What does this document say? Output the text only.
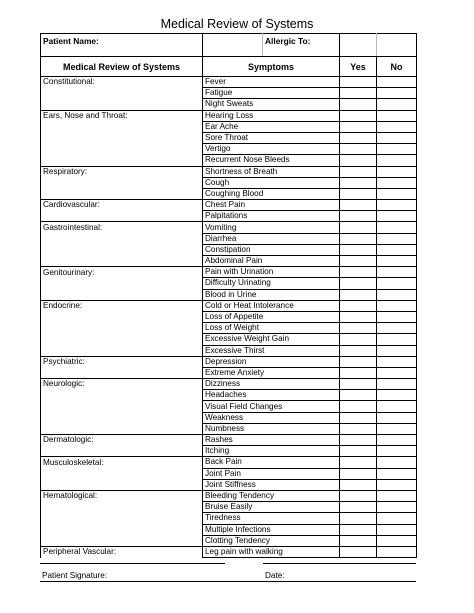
Medical Review of Systems
Patient Name:		Allergic To:		
Medical Review of Systems	Symptoms		Yes	No
Constitutional:	Fever			
	Fatigue			
	Night Sweats			
Ears, Nose and Throat:	Hearing Loss			
	Ear Ache			
	Sore Throat			
	Vertigo			
	Recurrent Nose Bleeds			
Respiratory:	Shortness of Breath			
	Cough			
	Coughing Blood			
Cardiovascular:	Chest Pain			
	Palpitations			
Gastrointestinal:	Vomiting			
	Diarrhea			
	Constipation			
	Abdominal Pain			
Genitourinary:	Pain with Urination			
	Difficulty Urinating			
	Blood in Urine			
Endocrine:	Cold or Heat Intolerance			
	Loss of Appetite			
	Loss of Weight			
	Excessive Weight Gain			
	Excessive Thirst			
Psychiatric:	Depression			
	Extreme Anxiety			
Neurologic:	Dizziness			
	Headaches			
	Visual Field Changes			
	Weakness			
	Numbness			
Dermatologic:	Rashes			
	Itching			
Musculoskeletal:	Back Pain			
	Joint Pain			
	Joint Stiffness			
Hematological:	Bleeding Tendency			
	Bruise Easily			
	Tiredness			
	Multiple Infections			
	Clotting Tendency			
Peripheral Vascular:	Leg pain with walking			
Patient Signature:	Date:
